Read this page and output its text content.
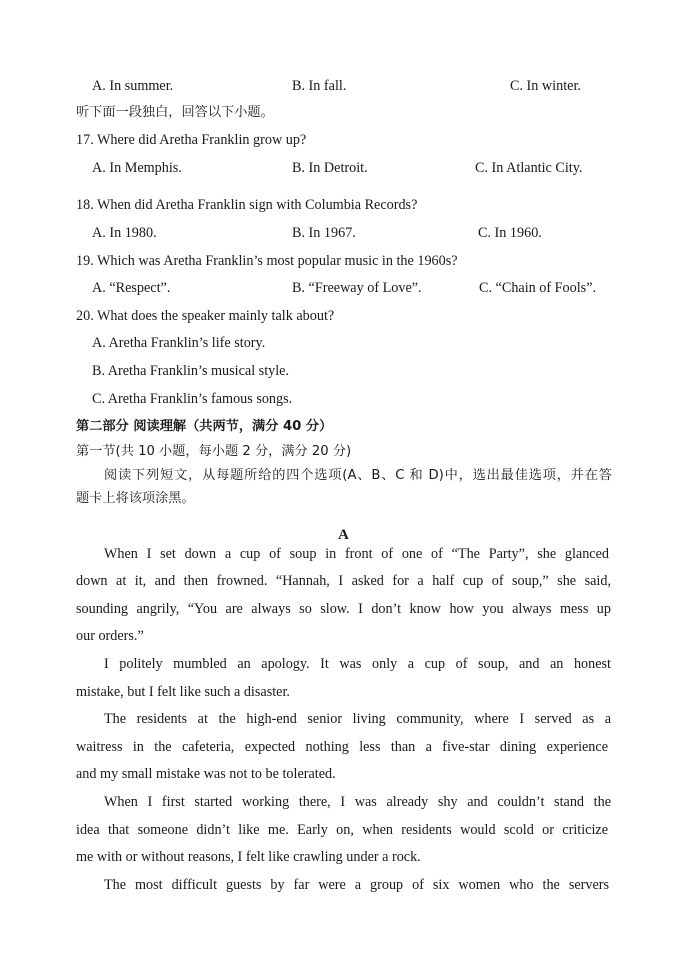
A. In summer.	B. In fall.	C. In winter.
听下面一段独白，回答以下小题。
17. Where did Aretha Franklin grow up?
A. In Memphis.	B. In Detroit.	C. In Atlantic City.
18. When did Aretha Franklin sign with Columbia Records?
A. In 1980.	B. In 1967.	C. In 1960.
19. Which was Aretha Franklin’s most popular music in the 1960s?
A. “Respect”.	B. “Freeway of Love”.	C. “Chain of Fools”.
20. What does the speaker mainly talk about?
A. Aretha Franklin’s life story.
B. Aretha Franklin’s musical style.
C. Aretha Franklin’s famous songs.
第二部分 阅读理解（共两节，满分 40 分）
第一节(共 10 小题，每小题 2 分，满分 20 分)
阅读下列短文，从每题所给的四个选项(A、B、C 和 D)中，选出最佳选项，并在答
题卡上将该项涂黑。
A
When I set down a cup of soup in front of one of “The Party”, she glanced
down at it, and then frowned. “Hannah, I asked for a half cup of soup,” she said,
sounding angrily, “You are always so slow. I don’t know how you always mess up
our orders.”
I politely mumbled an apology. It was only a cup of soup, and an honest
mistake, but I felt like such a disaster.
The residents at the high-end senior living community, where I served as a
waitress in the cafeteria, expected nothing less than a five-star dining experience
and my small mistake was not to be tolerated.
When I first started working there, I was already shy and couldn’t stand the
idea that someone didn’t like me. Early on, when residents would scold or criticize
me with or without reasons, I felt like crawling under a rock.
The most difficult guests by far were a group of six women who the servers
